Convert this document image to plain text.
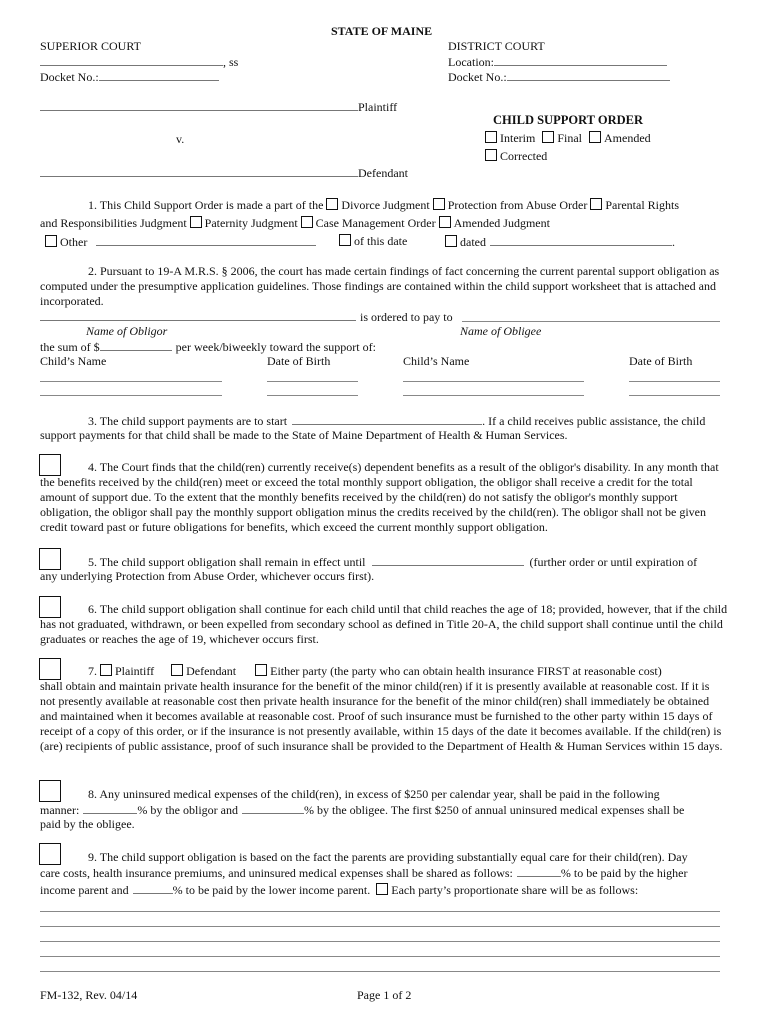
STATE OF MAINE
SUPERIOR COURT
, ss
Docket No.:
DISTRICT COURT
Location:
Docket No.:
Plaintiff
v.
Defendant
CHILD SUPPORT ORDER
Interim Final Amended
Corrected
1. This Child Support Order is made a part of the Divorce Judgment Protection from Abuse Order Parental Rights
and Responsibilities Judgment Paternity Judgment Case Management Order Amended Judgment
Other	of this date	dated	.
2. Pursuant to 19-A M.R.S. § 2006, the court has made certain findings of fact concerning the current parental support obligation as computed under the presumptive application guidelines. Those findings are contained within the child support worksheet that is attached and incorporated.
is ordered to pay to
Name of Obligor	Name of Obligee
the sum of $	per week/biweekly toward the support of:
Child’s Name	Date of Birth	Child’s Name	Date of Birth
3. The child support payments are to start	. If a child receives public assistance, the child
support payments for that child shall be made to the State of Maine Department of Health & Human Services.
4. The Court finds that the child(ren) currently receive(s) dependent benefits as a result of the obligor's disability. In any month that the benefits received by the child(ren) meet or exceed the total monthly support obligation, the obligor shall receive a credit for the total amount of support due. To the extent that the monthly benefits received by the child(ren) do not satisfy the obligor's monthly support obligation, the obligor shall pay the monthly support obligation minus the credits received by the child(ren). The obligor shall not be given credit toward past or future obligations for benefits, which exceed the current monthly support obligation.
5. The child support obligation shall remain in effect until	(further order or until expiration of
any underlying Protection from Abuse Order, whichever occurs first).
6. The child support obligation shall continue for each child until that child reaches the age of 18; provided, however, that if the child has not graduated, withdrawn, or been expelled from secondary school as defined in Title 20-A, the child support shall continue until the child graduates or reaches the age of 19, whichever occurs first.
7. Plaintiff	Defendant	Either party (the party who can obtain health insurance FIRST at reasonable cost)
shall obtain and maintain private health insurance for the benefit of the minor child(ren) if it is presently available at reasonable cost. If it is not presently available at reasonable cost then private health insurance for the benefit of the minor child(ren) shall immediately be obtained and maintained when it becomes available at reasonable cost. Proof of such insurance must be furnished to the other party within 15 days of receipt of a copy of this order, or if the insurance is not presently available, within 15 days of the date it becomes available. If the child(ren) is (are) recipients of public assistance, proof of such insurance shall be provided to the Department of Health & Human Services within 15 days.
8. Any uninsured medical expenses of the child(ren), in excess of $250 per calendar year, shall be paid in the following
manner:	% by the obligor and	% by the obligee. The first $250 of annual uninsured medical expenses shall be
paid by the obligee.
9. The child support obligation is based on the fact the parents are providing substantially equal care for their child(ren). Day
care costs, health insurance premiums, and uninsured medical expenses shall be shared as follows:	% to be paid by the higher
income parent and	% to be paid by the lower income parent. Each party’s proportionate share will be as follows:
FM-132, Rev. 04/14	Page 1 of 2
